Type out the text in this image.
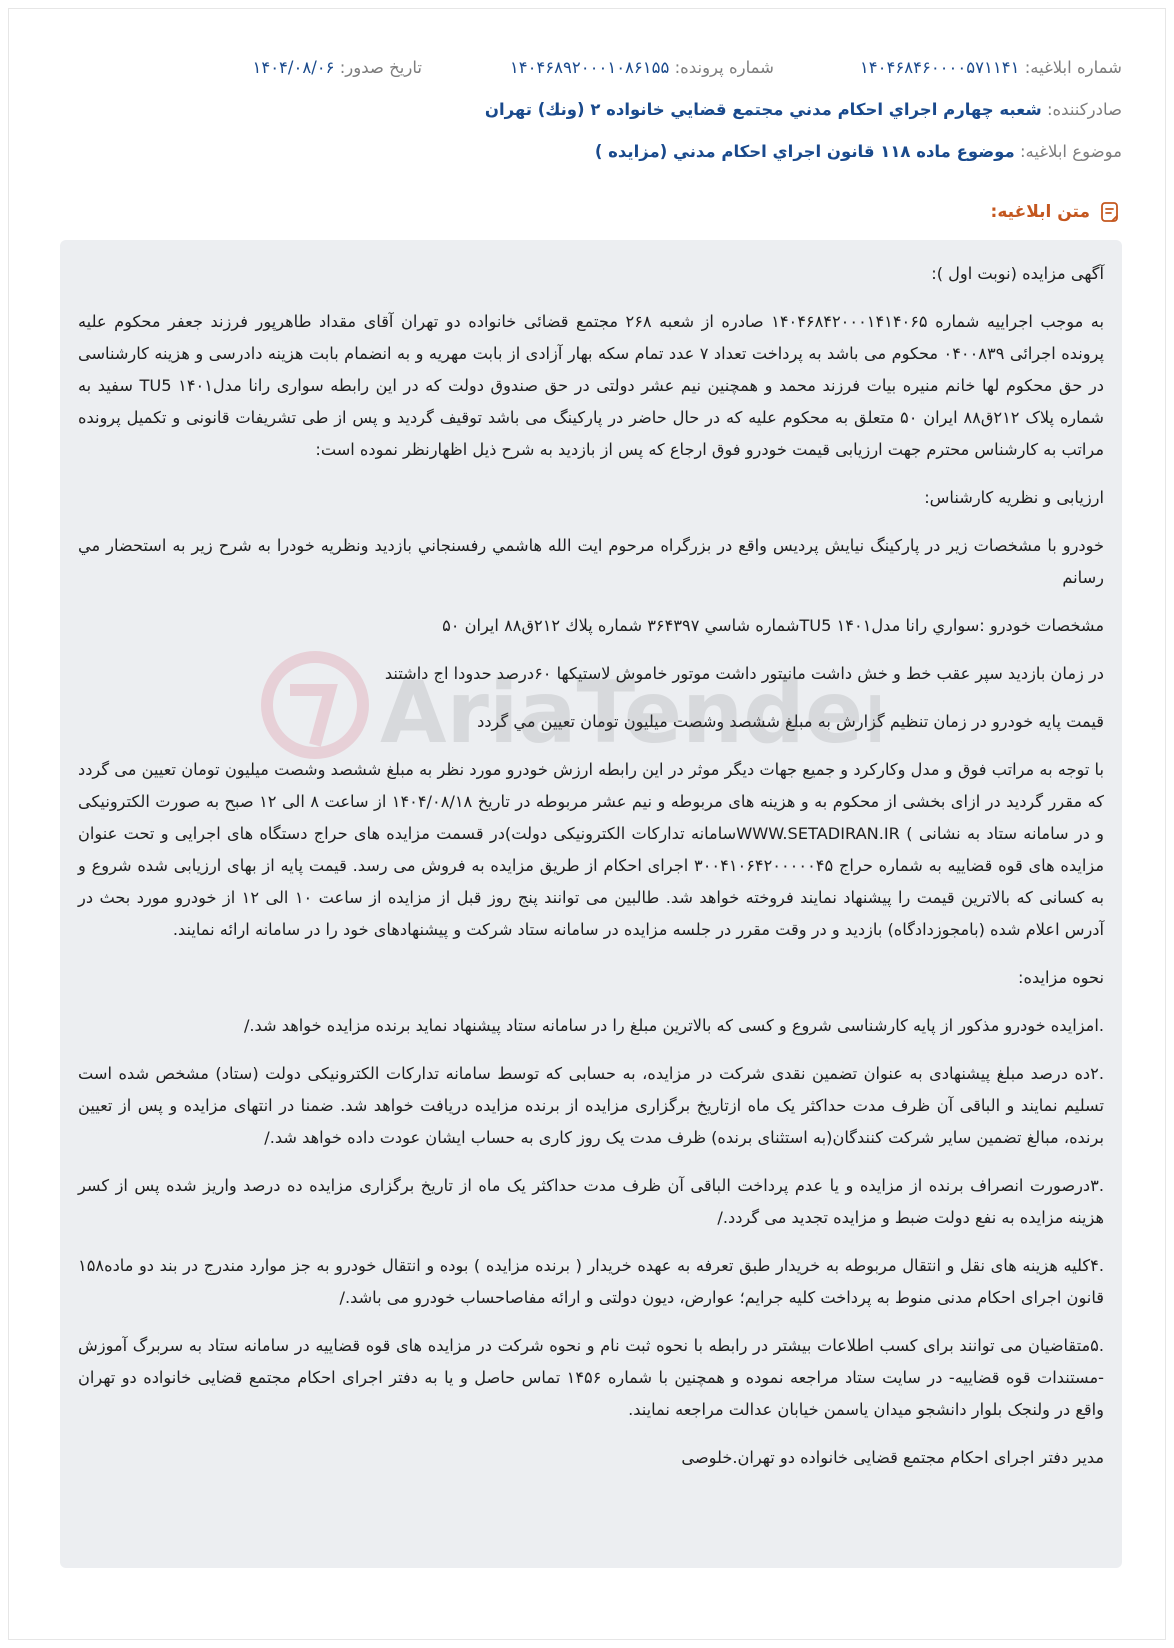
شماره ابلاغیه: ۱۴۰۴۶۸۴۶۰۰۰۰۵۷۱۱۴۱
شماره پرونده: ۱۴۰۴۶۸۹۲۰۰۰۱۰۸۶۱۵۵
تاریخ صدور: ۱۴۰۴/۰۸/۰۶
صادرکننده: شعبه چهارم اجراي احكام مدني مجتمع قضايي خانواده ۲ (ونك) تهران
موضوع ابلاغیه: موضوع ماده ۱۱۸ قانون اجراي احكام مدني (مزايده )
متن ابلاغیه:
AriaTender

آگهی مزایده (نوبت اول ):

به موجب اجراییه شماره ۱۴۰۴۶۸۴۲۰۰۰۱۴۱۴۰۶۵ صادره از شعبه ۲۶۸ مجتمع قضائی خانواده دو تهران آقای مقداد طاهرپور فرزند جعفر محکوم علیه پرونده اجرائی ۰۴۰۰۸۳۹ محکوم می باشد به پرداخت تعداد ۷ عدد تمام سکه بهار آزادی از بابت مهریه و به انضمام بابت هزینه دادرسی و هزینه کارشناسی در حق محکوم لها خانم منیره بیات فرزند محمد و همچنین نیم عشر دولتی در حق صندوق دولت که در این رابطه سواری رانا مدل۱۴۰۱ TU5 سفید به شماره پلاک ۲۱۲ق۸۸ ایران ۵۰ متعلق به محکوم علیه که در حال حاضر در پارکینگ می باشد توقیف گردید و پس از طی تشریفات قانونی و تکمیل پرونده مراتب به کارشناس محترم جهت ارزیابی قیمت خودرو فوق ارجاع که پس از بازدید به شرح ذیل اظهارنظر نموده است:

ارزیابی و نظریه کارشناس:

خودرو با مشخصات زير در پاركينگ نيايش پرديس واقع در بزرگراه مرحوم ايت الله هاشمي رفسنجاني بازديد ونظريه خودرا به شرح زير به استحضار مي رسانم

مشخصات خودرو :سواري رانا مدل۱۴۰۱ TU5شماره شاسي ۳۶۴۳۹۷ شماره پلاك ۲۱۲ق۸۸ ايران ۵۰

در زمان بازديد سپر عقب خط و خش داشت مانيتور داشت موتور خاموش لاستيكها ۶۰درصد حدودا اج داشتند

قيمت پايه خودرو در زمان تنظيم گزارش به مبلغ ششصد وشصت ميليون تومان تعيين مي گردد

با توجه به مراتب فوق و مدل وكاركرد و جميع جهات ديگر موثر در اين رابطه ارزش خودرو مورد نظر به مبلغ ششصد وشصت ميليون تومان تعيين مى گردد كه مقرر گرديد در ازاى بخشى از محكوم به و هزينه هاى مربوطه و نيم عشر مربوطه در تاريخ ۱۴۰۴/۰۸/۱۸ از ساعت ۸ الى ۱۲ صبح به صورت الكترونيكى و در سامانه ستاد به نشانى ) WWW.SETADIRAN.IRسامانه تداركات الكترونيكى دولت)در قسمت مزايده هاى حراج دستگاه هاى اجرايى و تحت عنوان مزايده هاى قوه قضاييه به شماره حراج ۳۰۰۴۱۰۶۴۲۰۰۰۰۰۴۵ اجراى احكام از طريق مزايده به فروش مى رسد. قيمت پايه از بهاى ارزيابى شده شروع و به كسانى كه بالاترين قيمت را پيشنهاد نمايند فروخته خواهد شد. طالبين مى توانند پنج روز قبل از مزايده از ساعت ۱۰ الى ۱۲ از خودرو مورد بحث در آدرس اعلام شده (بامجوزدادگاه) بازديد و در وقت مقرر در جلسه مزايده در سامانه ستاد شركت و پيشنهادهاى خود را در سامانه ارائه نمايند.

نحوه مزایده:

.امزایده خودرو مذکور از پایه کارشناسی شروع و کسی که بالاترین مبلغ را در سامانه ستاد پیشنهاد نماید برنده مزایده خواهد شد./

.۲ده درصد مبلغ پیشنهادی به عنوان تضمین نقدی شرکت در مزایده، به حسابی که توسط سامانه تدارکات الکترونیکی دولت (ستاد) مشخص شده است تسلیم نمایند و الباقی آن ظرف مدت حداکثر یک ماه ازتاریخ برگزاری مزایده از برنده مزایده دریافت خواهد شد. ضمنا در انتهای مزایده و پس از تعیین برنده، مبالغ تضمین سایر شرکت کنندگان(به استثنای برنده) ظرف مدت یک روز کاری به حساب ایشان عودت داده خواهد شد./

.۳درصورت انصراف برنده از مزایده و یا عدم پرداخت الباقی آن ظرف مدت حداکثر یک ماه از تاریخ برگزاری مزایده ده درصد واریز شده پس از کسر هزینه مزایده به نفع دولت ضبط و مزایده تجدید می گردد./

.۴کلیه هزینه های نقل و انتقال مربوطه به خریدار طبق تعرفه به عهده خریدار ( برنده مزایده ) بوده و انتقال خودرو به جز موارد مندرج در بند دو ماده۱۵۸ قانون اجرای احکام مدنی منوط به پرداخت کلیه جرایم؛ عوارض، دیون دولتی و ارائه مفاصاحساب خودرو می باشد./

.۵متقاضیان می توانند برای کسب اطلاعات بیشتر در رابطه با نحوه ثبت نام و نحوه شرکت در مزایده های قوه قضاییه در سامانه ستاد به سربرگ آموزش -مستندات قوه قضاییه- در سایت ستاد مراجعه نموده و همچنین با شماره ۱۴۵۶ تماس حاصل و یا به دفتر اجرای احکام مجتمع قضایی خانواده دو تهران واقع در ولنجک بلوار دانشجو میدان یاسمن خیابان عدالت مراجعه نمایند.

مدیر دفتر اجرای احکام مجتمع قضایی خانواده دو تهران.خلوصی
